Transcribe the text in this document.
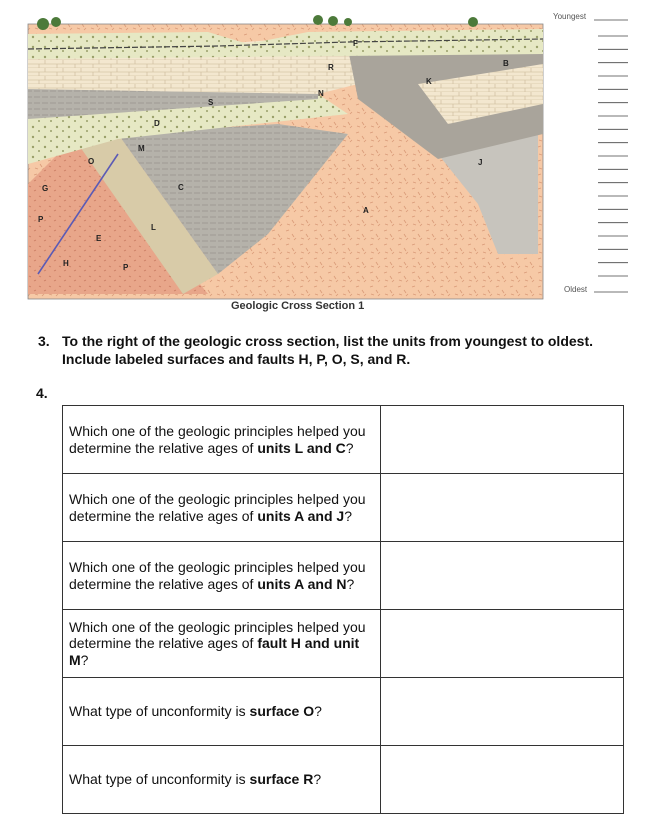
F
R
K
B
N
S
D
M
O
C
G
P
E
L
H	P
A
J
Geologic Cross Section 1
Youngest
Oldest
3. To the right of the geologic cross section, list the units from youngest to oldest. Include labeled surfaces and faults H, P, O, S, and R.
4.
Which one of the geologic principles helped you determine the relative ages of units L and C?	
Which one of the geologic principles helped you determine the relative ages of units A and J?	
Which one of the geologic principles helped you determine the relative ages of units A and N?	
Which one of the geologic principles helped you determine the relative ages of fault H and unit M?	
What type of unconformity is surface O?	
What type of unconformity is surface R?	
